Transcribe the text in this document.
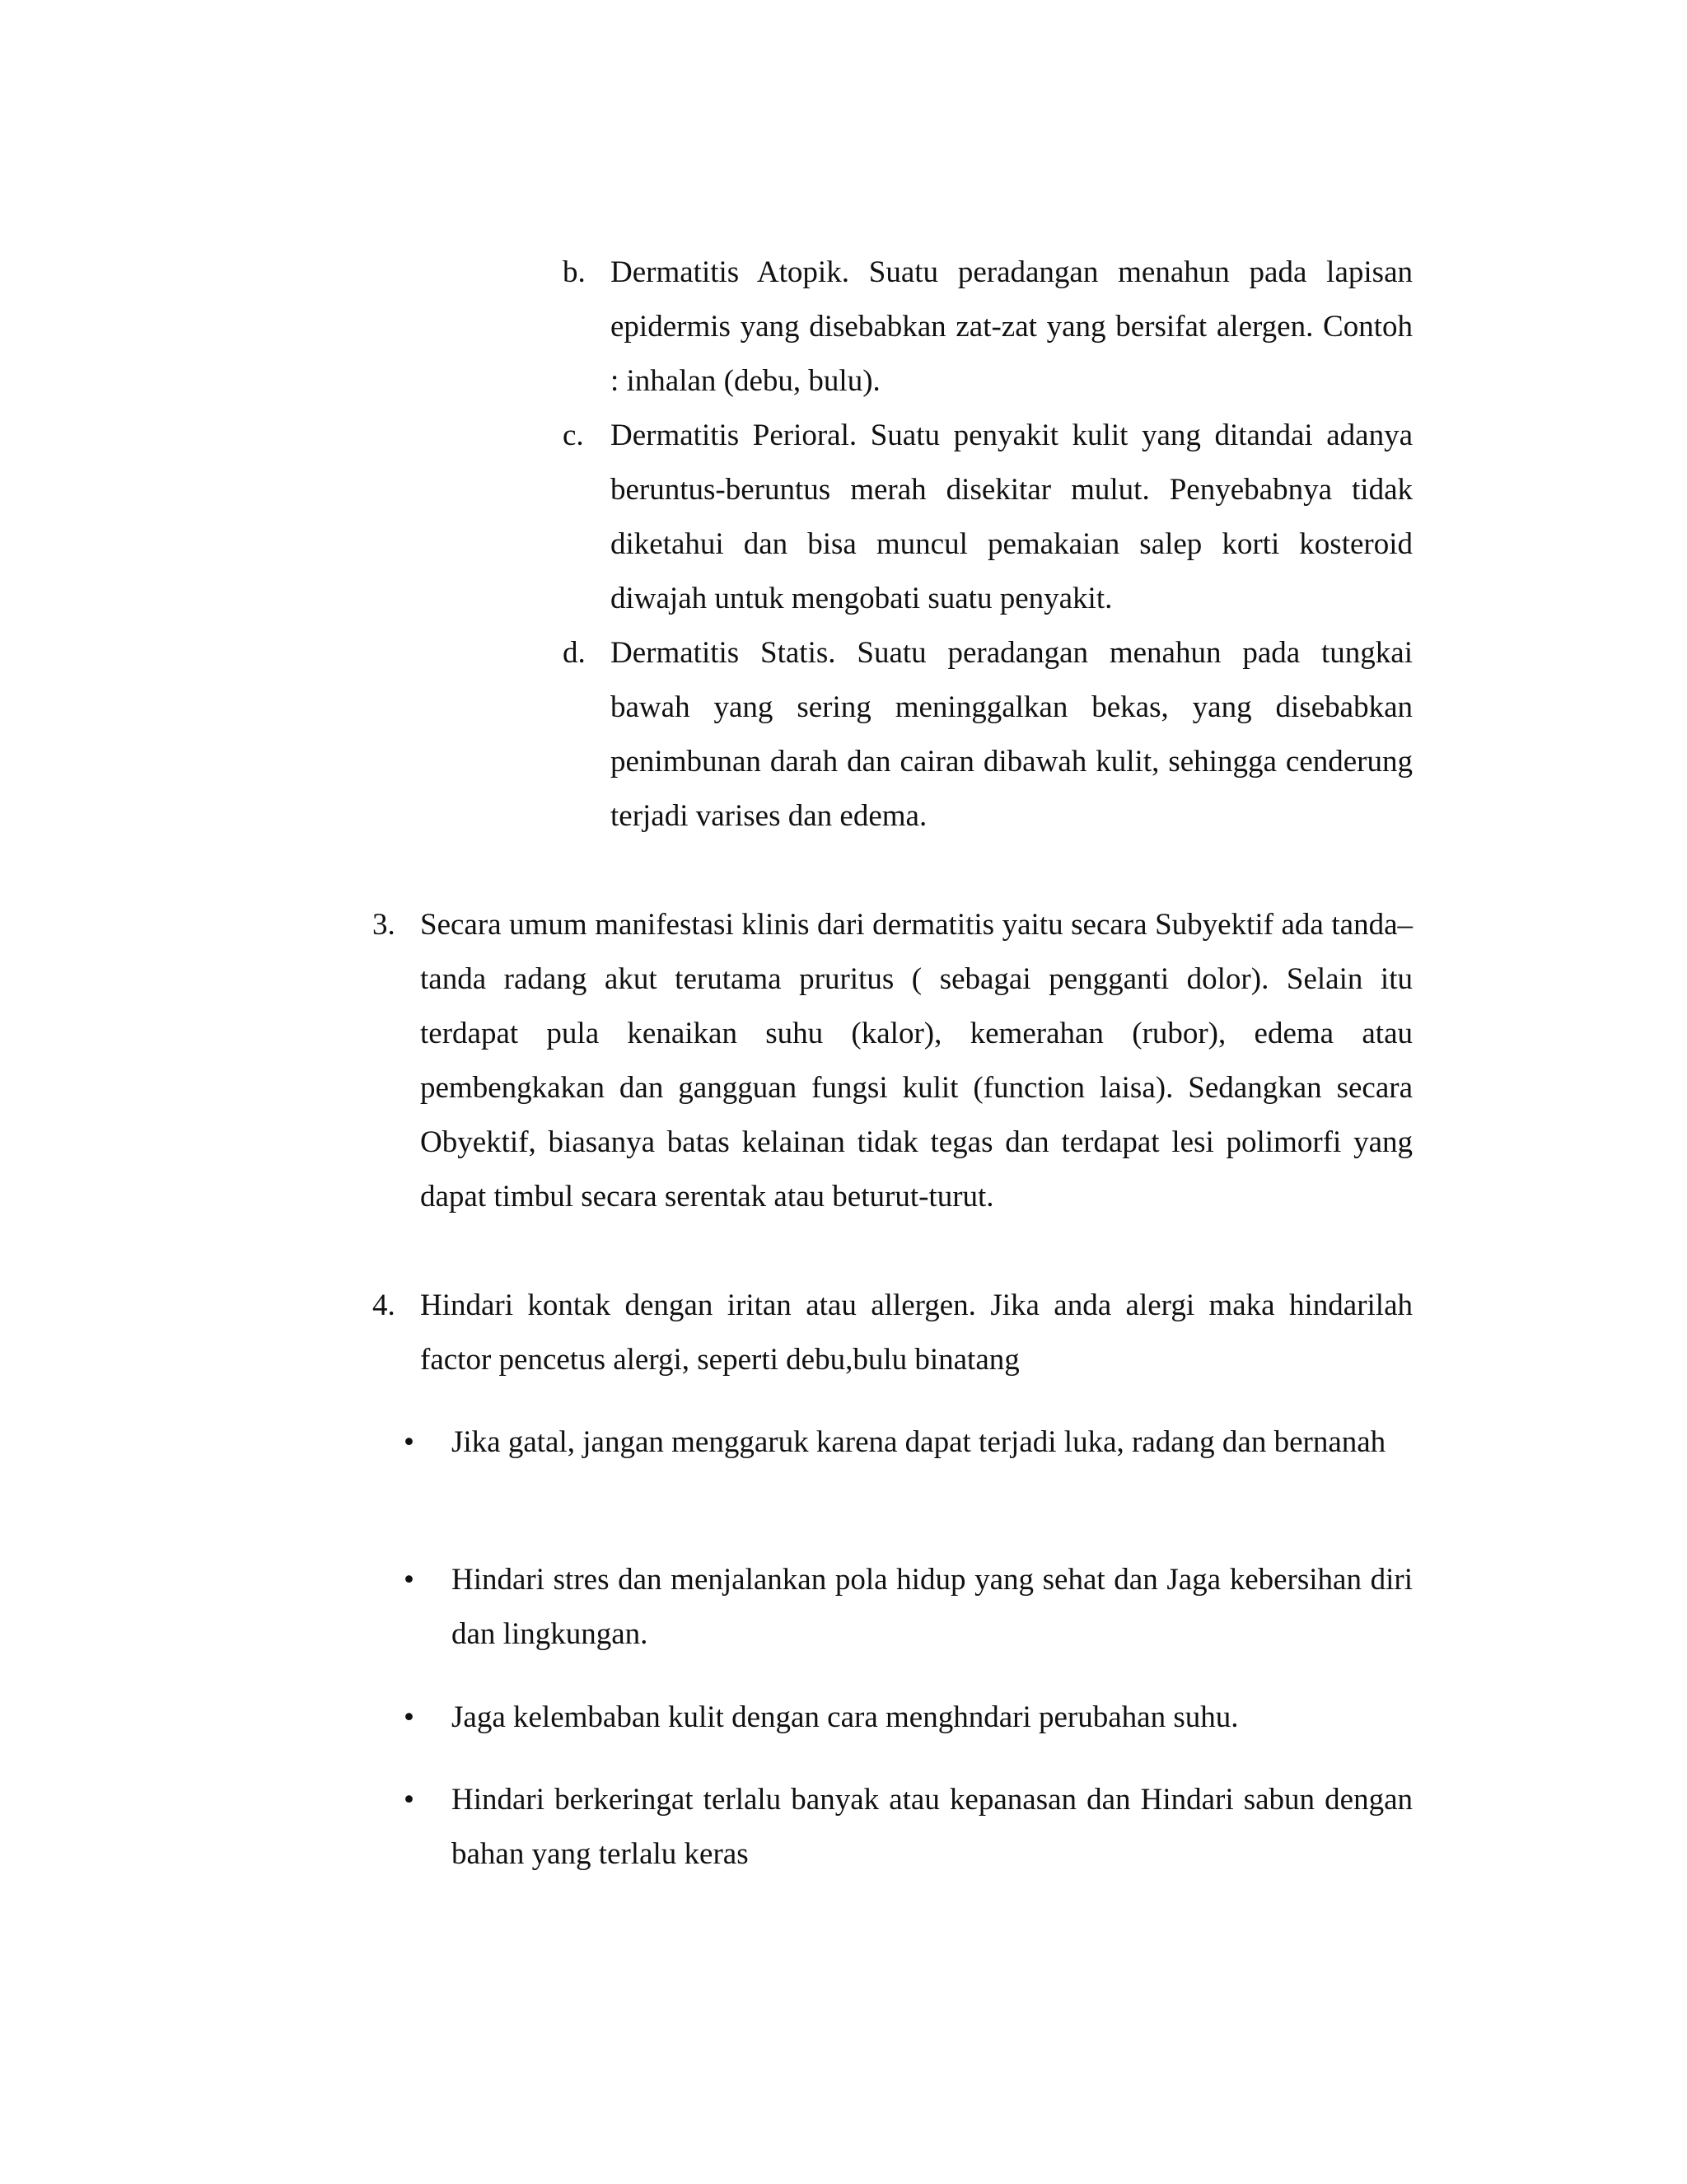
b. Dermatitis Atopik. Suatu peradangan menahun pada lapisan epidermis yang disebabkan zat-zat yang bersifat alergen. Contoh : inhalan (debu, bulu).
c. Dermatitis Perioral. Suatu penyakit kulit yang ditandai adanya beruntus-beruntus merah disekitar mulut. Penyebabnya tidak diketahui dan bisa muncul pemakaian salep korti kosteroid diwajah untuk mengobati suatu penyakit.
d. Dermatitis Statis. Suatu peradangan menahun pada tungkai bawah yang sering meninggalkan bekas, yang disebabkan penimbunan darah dan cairan dibawah kulit, sehingga cenderung terjadi varises dan edema.
3. Secara umum manifestasi klinis dari dermatitis yaitu secara Subyektif ada tanda–tanda radang akut terutama pruritus ( sebagai pengganti dolor). Selain itu terdapat pula kenaikan suhu (kalor), kemerahan (rubor), edema atau pembengkakan dan gangguan fungsi kulit (function laisa). Sedangkan secara Obyektif, biasanya batas kelainan tidak tegas dan terdapat lesi polimorfi yang dapat timbul secara serentak atau beturut-turut.
4. Hindari kontak dengan iritan atau allergen. Jika anda alergi maka hindarilah factor pencetus alergi, seperti debu,bulu binatang
• Jika gatal, jangan menggaruk karena dapat terjadi luka, radang dan bernanah
• Hindari stres dan menjalankan pola hidup yang sehat dan Jaga kebersihan diri dan lingkungan.
• Jaga kelembaban kulit dengan cara menghndari perubahan suhu.
• Hindari berkeringat terlalu banyak atau kepanasan dan Hindari sabun dengan bahan yang terlalu keras
